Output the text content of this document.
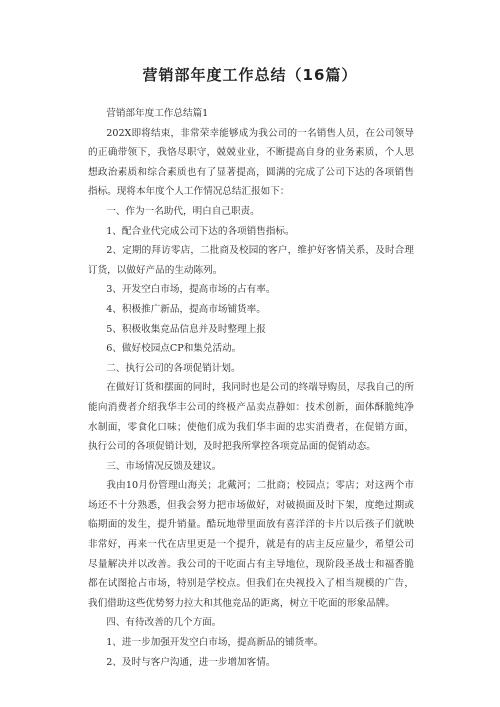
营销部年度工作总结（16篇）

营销部年度工作总结篇1

202X即将结束，非常荣幸能够成为我公司的一名销售人员，在公司领导的正确带领下，我恪尽职守，兢兢业业，不断提高自身的业务素质，个人思想政治素质和综合素质也有了显著提高，圆满的完成了公司下达的各项销售指标。现将本年度个人工作情况总结汇报如下：

一、作为一名助代，明白自己职责。

1、配合业代完成公司下达的各项销售指标。
2、定期的拜访零店，二批商及校园的客户，维护好客情关系，及时合理订货，以做好产品的生动陈列。
3、开发空白市场，提高市场的占有率。
4、积极推广新品，提高市场铺货率。
5、积极收集竞品信息并及时整理上报
6、做好校园点CP和集兑活动。

二、执行公司的各项促销计划。

在做好订货和摆面的同时，我同时也是公司的终端导购员，尽我自己的所能向消费者介绍我华丰公司的终极产品卖点静如：技术创新，面体酥脆纯净水制面，零食化口味；使他们成为我们华丰面的忠实消费者，在促销方面，执行公司的各项促销计划，及时把我所掌控各项竞品面的促销动态。

三、市场情况反馈及建议。

我由10月份管理山海关；北戴河；二批商；校园点；零店；对这两个市场还不十分熟悉，但我会努力把市场做好，对破损面及时下架，度绝过期或临期面的发生，提升销量。酷玩地带里面放有喜洋洋的卡片以后孩子们就映非常好，再来一代在店里更是一个提升，就是有的店主反应量少，希望公司尽量解决并以改善。我公司的干吃面占有主导地位，现阶段圣战士和福香脆都在试图抢占市场，特别是学校点。但我们在央视投入了相当规模的广告，我们借助这些优势努力拉大和其他竞品的距离，树立干吃面的形象品牌。

四、有待改善的几个方面。

1、进一步加强开发空白市场，提高新品的铺货率。
2、及时与客户沟通，进一步增加客情。
